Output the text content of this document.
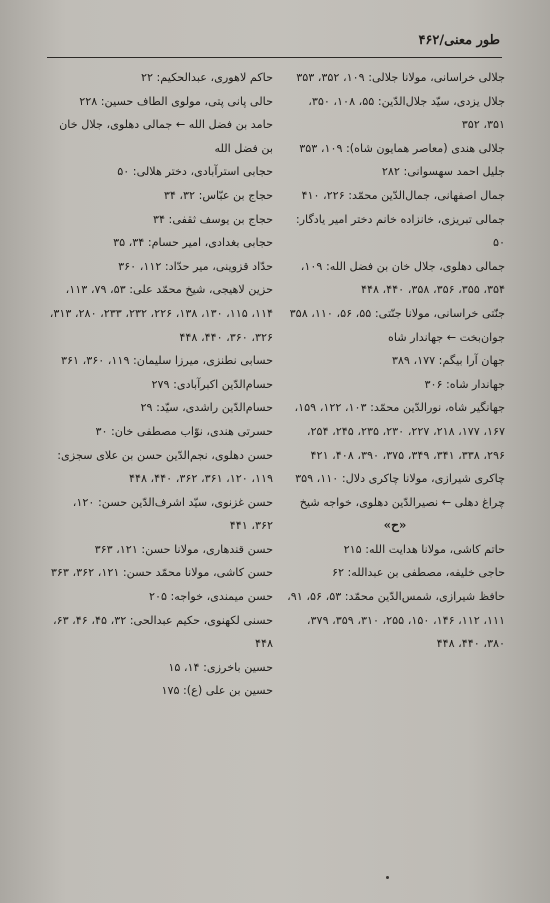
طور معنی/۴۶۲
جلالی خراسانی، مولانا جلالی: ۱۰۹، ۳۵۲، ۳۵۳
جلال یزدی، سیّد جلال‌الدّین: ۵۵، ۱۰۸، ۳۵۰، ۳۵۱، ۳۵۲
جلالی هندی (معاصر همایون شاه): ۱۰۹، ۳۵۳
جلیل احمد سهسوانی: ۲۸۲
جمال اصفهانی، جمال‌الدّین محمّد: ۲۲۶، ۴۱۰
جمالی تبریزی، خانزاده خانم دختر امیر یادگار: ۵۰
جمالی دهلوی، جلال خان بن فضل الله: ۱۰۹، ۳۵۴، ۳۵۵، ۳۵۶، ۳۵۸، ۴۴۰، ۴۴۸
جنّتی خراسانی، مولانا جنّتی: ۵۵، ۵۶، ۱۱۰، ۳۵۸
جوان‌بخت ← جهاندار شاه
جهان آرا بیگم: ۱۷۷، ۳۸۹
جهاندار شاه: ۳۰۶
جهانگیر شاه، نورالدّین محمّد: ۱۰۳، ۱۲۲، ۱۵۹، ۱۶۷، ۱۷۷، ۲۱۸، ۲۲۷، ۲۳۰، ۲۳۵، ۲۴۵، ۲۵۴، ۲۹۶، ۳۳۸، ۳۴۱، ۳۴۹، ۳۷۵، ۳۹۰، ۴۰۸، ۴۲۱
چاکری شیرازی، مولانا چاکری دلال: ۱۱۰، ۳۵۹
چراغ دهلی ← نصیرالدّین دهلوی، خواجه شیخ
«ح»
حاتم کاشی، مولانا هدایت الله: ۲۱۵
حاجی خلیفه، مصطفی بن عبدالله: ۶۲
حافظ شیرازی، شمس‌الدّین محمّد: ۵۳، ۵۶، ۹۱، ۱۱۱، ۱۱۲، ۱۴۶، ۱۵۰، ۲۵۵، ۳۱۰، ۳۵۹، ۳۷۹، ۳۸۰، ۴۴۰، ۴۴۸
حاکم لاهوری، عبدالحکیم: ۲۲
حالی پانی پتی، مولوی الطاف حسین: ۲۲۸
حامد بن فضل الله ← جمالی دهلوی، جلال خان بن فضل الله
حجابی استرآبادی، دختر هلالی: ۵۰
حجاج بن عبّاس: ۳۲، ۳۴
حجاج بن یوسف ثقفی: ۳۴
حجابی بغدادی، امیر حسام: ۳۴، ۳۵
حدّاد قزوینی، میر حدّاد: ۱۱۲، ۳۶۰
حزین لاهیجی، شیخ محمّد علی: ۵۳، ۷۹، ۱۱۳، ۱۱۴، ۱۱۵، ۱۳۰، ۱۳۸، ۲۲۶، ۲۳۲، ۲۳۳، ۲۸۰، ۳۱۳، ۳۲۶، ۳۶۰، ۴۴۰، ۴۴۸
حسابی نطنزی، میرزا سلیمان: ۱۱۹، ۳۶۰، ۳۶۱
حسام‌الدّین اکبرآبادی: ۲۷۹
حسام‌الدّین راشدی، سیّد: ۲۹
حسرتی هندی، نوّاب مصطفی خان: ۳۰
حسن دهلوی، نجم‌الدّین حسن بن علای سجزی: ۱۱۹، ۱۲۰، ۳۶۱، ۳۶۲، ۴۴۰، ۴۴۸
حسن غزنوی، سیّد اشرف‌الدّین حسن: ۱۲۰، ۳۶۲، ۴۴۱
حسن قندهاری، مولانا حسن: ۱۲۱، ۳۶۳
حسن کاشی، مولانا محمّد حسن: ۱۲۱، ۳۶۲، ۳۶۳
حسن میمندی، خواجه: ۲۰۵
حسنی لکهنوی، حکیم عبدالحی: ۳۲، ۴۵، ۴۶، ۶۳، ۴۴۸
حسین باخرزی: ۱۴، ۱۵
حسین بن علی (ع): ۱۷۵
